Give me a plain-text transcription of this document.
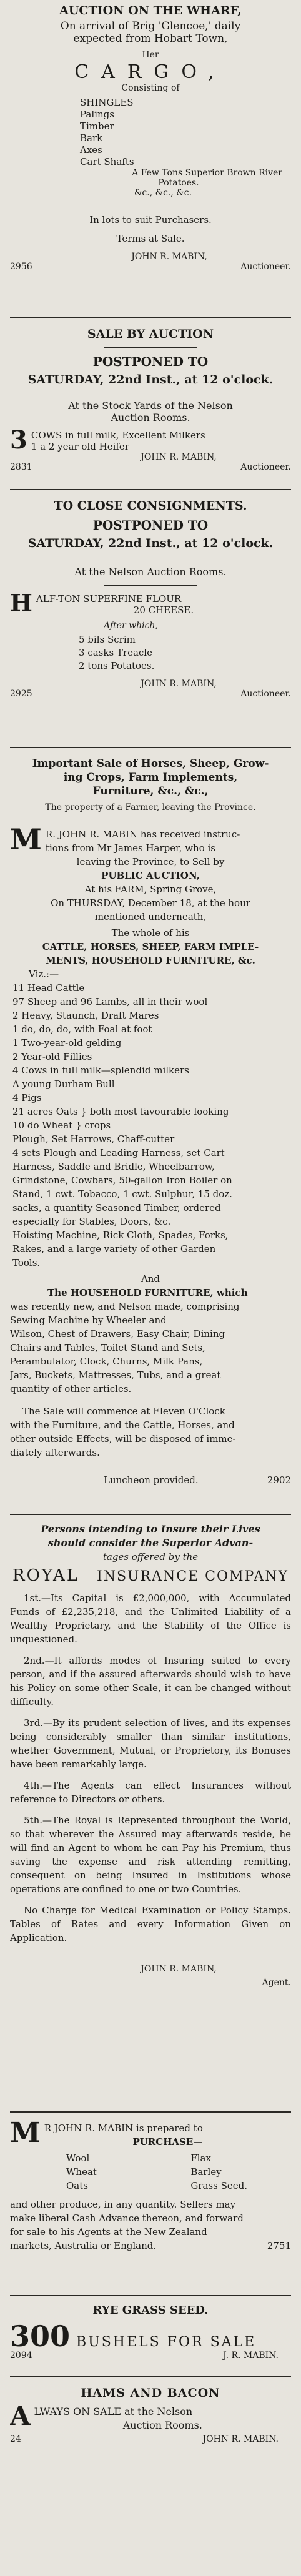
AUCTION ON THE WHARF,

On arrival of Brig 'Glencoe,' daily

expected from Hobart Town,

Her

CARGO,

Consisting of

SHINGLES

Palings

Timber

Bark

Axes

Cart Shafts

A Few Tons Superior Brown River

Potatoes.

&c., &c., &c.

In lots to suit Purchasers.

Terms at Sale.

JOHN R. MABIN,

2956	Auctioneer.

SALE BY AUCTION

POSTPONED TO

SATURDAY, 22nd Inst., at 12 o'clock.

At the Stock Yards of the Nelson

Auction Rooms.

3 COWS in full milk, Excellent Milkers

1 a 2 year old Heifer

JOHN R. MABIN,

2831	Auctioneer.

TO CLOSE CONSIGNMENTS.

POSTPONED TO

SATURDAY, 22nd Inst., at 12 o'clock.

At the Nelson Auction Rooms.

H ALF-TON SUPERFINE FLOUR

20 CHEESE.

After which,

5 bils Scrim

3 casks Treacle

2 tons Potatoes.

JOHN R. MABIN,

2925	Auctioneer.

Important Sale of Horses, Sheep, Grow-

ing Crops, Farm Implements,

Furniture, &c., &c.,

The property of a Farmer, leaving the Province.

M R. JOHN R. MABIN has received instruc-

tions from Mr James Harper, who is

leaving the Province, to Sell by

PUBLIC AUCTION,

At his FARM, Spring Grove,

On THURSDAY, December 18, at the hour

mentioned underneath,

The whole of his

CATTLE, HORSES, SHEEP, FARM IMPLE-

MENTS, HOUSEHOLD FURNITURE, &c.

Viz.:—

11 Head Cattle

97 Sheep and 96 Lambs, all in their wool

2 Heavy, Staunch, Draft Mares

1 do, do, do, with Foal at foot

1 Two-year-old gelding

2 Year-old Fillies

4 Cows in full milk—splendid milkers

A young Durham Bull

4 Pigs

21 acres Oats } both most favourable looking

10 do Wheat } crops

Plough, Set Harrows, Chaff-cutter

4 sets Plough and Leading Harness, set Cart

Harness, Saddle and Bridle, Wheelbarrow,

Grindstone, Cowbars, 50-gallon Iron Boiler on

Stand, 1 cwt. Tobacco, 1 cwt. Sulphur, 15 doz.

sacks, a quantity Seasoned Timber, ordered

especially for Stables, Doors, &c.

Hoisting Machine, Rick Cloth, Spades, Forks,

Rakes, and a large variety of other Garden

Tools.

And

The HOUSEHOLD FURNITURE, which

was recently new, and Nelson made, comprising

Sewing Machine by Wheeler and

Wilson, Chest of Drawers, Easy Chair, Dining

Chairs and Tables, Toilet Stand and Sets,

Perambulator, Clock, Churns, Milk Pans,

Jars, Buckets, Mattresses, Tubs, and a great

quantity of other articles.

The Sale will commence at Eleven O'Clock

with the Furniture, and the Cattle, Horses, and

other outside Effects, will be disposed of imme-

diately afterwards.

Luncheon provided.	2902

Persons intending to Insure their Lives

should consider the Superior Advan-

tages offered by the

ROYAL INSURANCE COMPANY

1st.—Its Capital is £2,000,000, with Accumulated Funds of £2,235,218, and the Unlimited Liability of a Wealthy Proprietary, and the Stability of the Office is unquestioned.

2nd.—It affords modes of Insuring suited to every person, and if the assured afterwards should wish to have his Policy on some other Scale, it can be changed without difficulty.

3rd.—By its prudent selection of lives, and its expenses being considerably smaller than similar institutions, whether Government, Mutual, or Proprietory, its Bonuses have been remarkably large.

4th.—The Agents can effect Insurances without reference to Directors or others.

5th.—The Royal is Represented throughout the World, so that wherever the Assured may afterwards reside, he will find an Agent to whom he can Pay his Premium, thus saving the expense and risk attending remitting, consequent on being Insured in Institutions whose operations are confined to one or two Countries.

No Charge for Medical Examination or Policy Stamps. Tables of Rates and every Information Given on Application.

JOHN R. MABIN,

Agent.

M R JOHN R. MABIN is prepared to

PURCHASE—

Wool

Wheat

Oats

Flax

Barley

Grass Seed.

and other produce, in any quantity. Sellers may

make liberal Cash Advance thereon, and forward

for sale to his Agents at the New Zealand

markets, Australia or England.	2751

RYE GRASS SEED.

300 BUSHELS FOR SALE
2094	J. R. MABIN.

HAMS AND BACON

A LWAYS ON SALE at the Nelson

Auction Rooms.

24	JOHN R. MABIN.
